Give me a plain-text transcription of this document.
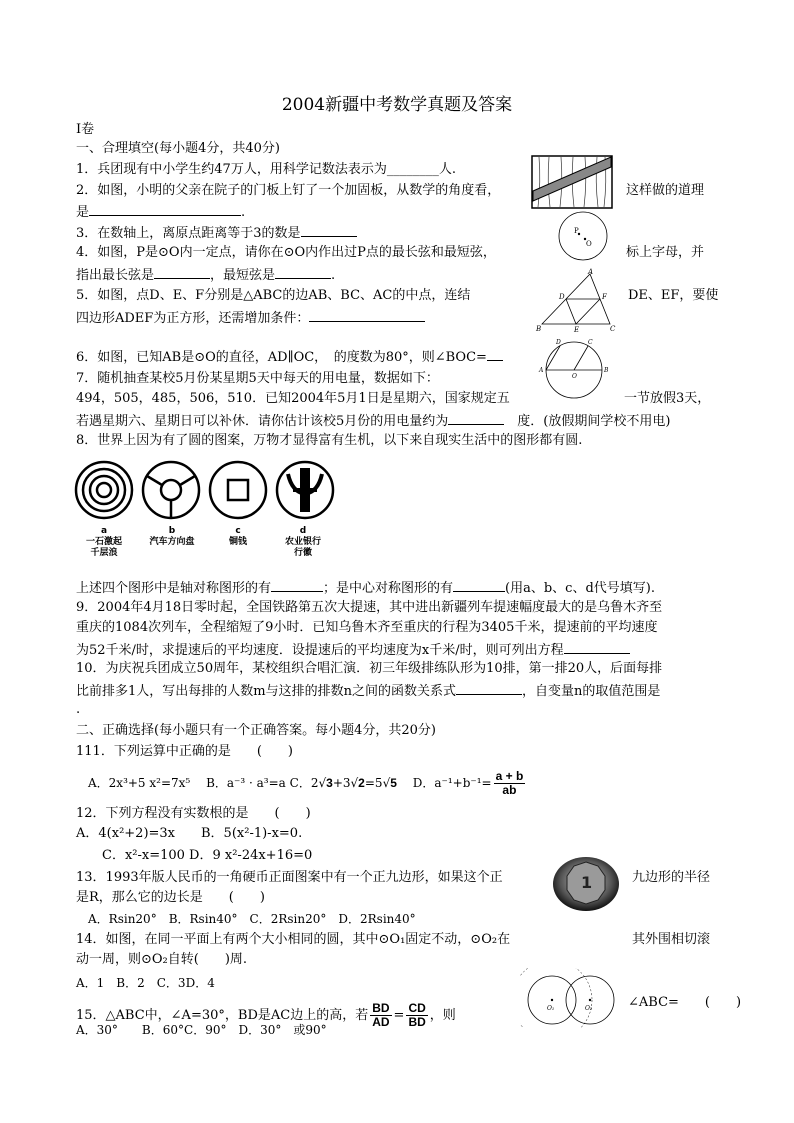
2004新疆中考数学真题及答案
I卷
一、合理填空(每小题4分，共40分)
1．兵团现有中小学生约47万人，用科学记数法表示为________人.
2．如图，小明的父亲在院子的门板上钉了一个加固板，从数学的角度看，	这样做的道理
是	.
3．在数轴上，离原点距离等于3的数是	P
O
4．如图，P是⊙O内一定点，请你在⊙O内作出过P点的最长弦和最短弦，	标上字母，并
指出最长弦是	，最短弦是	.	A
B	C
D
E
F
5．如图，点D、E、F分别是△ABC的边AB、BC、AC的中点，连结	DE、EF，要使
四边形ADEF为正方形，还需增加条件：
6．如图，已知AB是⊙O的直径，AD∥OC，　 的度数为80°，则∠BOC=
A	B
O
C
D
7．随机抽查某校5月份某星期5天中每天的用电量，数据如下：
494，505，485，506，510．已知2004年5月1日是星期六，国家规定五	一节放假3天，
若遇星期六、星期日可以补休．请你估计该校5月份的用电量约为　	度．(放假期间学校不用电)
8．世界上因为有了圆的图案，万物才显得富有生机，以下来自现实生活中的图形都有圆.
a
一石激起
千层浪
b
汽车方向盘
c
铜钱
d
农业银行
行徽
上述四个图形中是轴对称图形的有	；是中心对称图形的有	(用a、b、c、d代号填写).
9．2004年4月18日零时起，全国铁路第五次大提速，其中进出新疆列车提速幅度最大的是乌鲁木齐至
重庆的1084次列车，全程缩短了9小时．已知乌鲁木齐至重庆的行程为3405千米，提速前的平均速度
为52千米/时，求提速后的平均速度．设提速后的平均速度为x千米/时，则可列出方程
10．为庆祝兵团成立50周年，某校组织合唱汇演．初三年级排练队形为10排，第一排20人，后面每排
比前排多1人，写出每排的人数m与这排的排数n之间的函数关系式	，自变量n的取值范围是
.
二、正确选择(每小题只有一个正确答案。每小题4分，共20分)
111．下列运算中正确的是　　(　　)
A．2x³+5 x²=7x⁵　 B．a⁻³ · a³=a C．2√3+3√2=5√5　 D．$a^{-1}+b^{-1}= \frac{a + b}{ab}$
12．下列方程没有实数根的是　　(　　)
A．4(x²+2)=3x　　B．5(x²-1)-x=0.
C．x²-x=100 D．9 x²-24x+16=0
1
13．1993年版人民币的一角硬币正面图案中有一个正九边形，如果这个正	九边形的半径
是R，那么它的边长是　　(　　)
A．Rsin20°　B．Rsin40°　C．2Rsin20°　D．2Rsin40°
14．如图，在同一平面上有两个大小相同的圆，其中⊙O₁固定不动，⊙O₂在	其外围相切滚
动一周，则⊙O₂自转(　　)周.
A．1　B．2　C．3D．4
O₁	O₂
15．△ABC中，∠A=30°，BD是AC边上的高，若 $\frac{BD}{AD} = \frac{CD}{BD}$ ，则
∠ABC=　　(　　)
A．30°　　B．60°C．90°　D．30°　或90°
